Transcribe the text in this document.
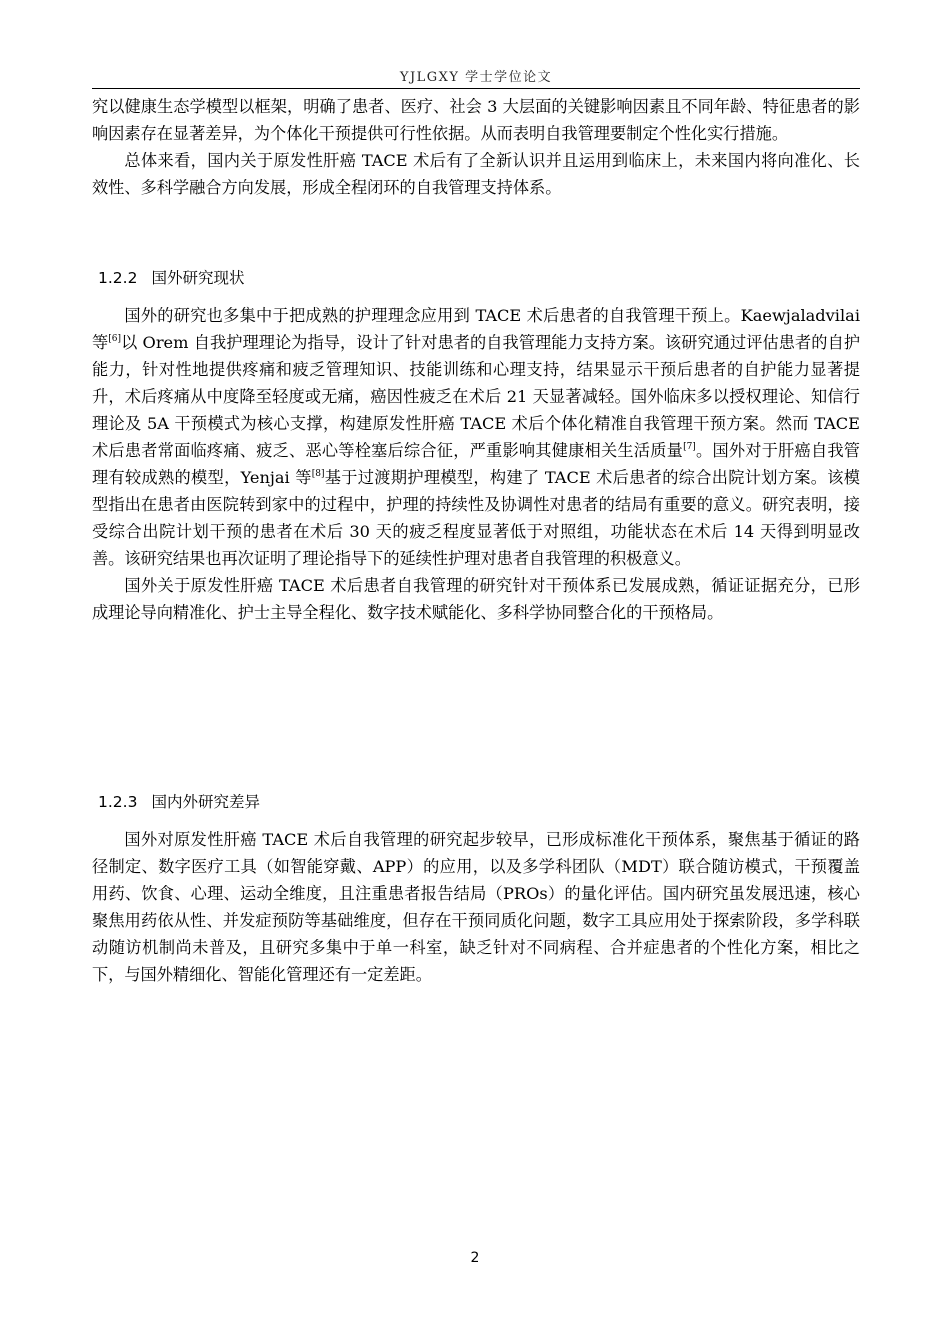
YJLGXY 学士学位论文

究以健康生态学模型以框架，明确了患者、医疗、社会 3 大层面的关键影响因素且不同年龄、特征患者的影响因素存在显著差异，为个体化干预提供可行性依据。从而表明自我管理要制定个性化实行措施。

总体来看，国内关于原发性肝癌 TACE 术后有了全新认识并且运用到临床上，未来国内将向准化、长效性、多科学融合方向发展，形成全程闭环的自我管理支持体系。

1.2.2 国外研究现状

国外的研究也多集中于把成熟的护理理念应用到 TACE 术后患者的自我管理干预上。Kaewjaladvilai 等[6]以 Orem 自我护理理论为指导，设计了针对患者的自我管理能力支持方案。该研究通过评估患者的自护能力，针对性地提供疼痛和疲乏管理知识、技能训练和心理支持，结果显示干预后患者的自护能力显著提升，术后疼痛从中度降至轻度或无痛，癌因性疲乏在术后 21 天显著减轻。国外临床多以授权理论、知信行理论及 5A 干预模式为核心支撑，构建原发性肝癌 TACE 术后个体化精准自我管理干预方案。然而 TACE 术后患者常面临疼痛、疲乏、恶心等栓塞后综合征，严重影响其健康相关生活质量[7]。国外对于肝癌自我管理有较成熟的模型，Yenjai 等[8]基于过渡期护理模型，构建了 TACE 术后患者的综合出院计划方案。该模型指出在患者由医院转到家中的过程中，护理的持续性及协调性对患者的结局有重要的意义。研究表明，接受综合出院计划干预的患者在术后 30 天的疲乏程度显著低于对照组，功能状态在术后 14 天得到明显改善。该研究结果也再次证明了理论指导下的延续性护理对患者自我管理的积极意义。

国外关于原发性肝癌 TACE 术后患者自我管理的研究针对干预体系已发展成熟，循证证据充分，已形成理论导向精准化、护士主导全程化、数字技术赋能化、多科学协同整合化的干预格局。

1.2.3 国内外研究差异

国外对原发性肝癌 TACE 术后自我管理的研究起步较早，已形成标准化干预体系，聚焦基于循证的路径制定、数字医疗工具（如智能穿戴、APP）的应用，以及多学科团队（MDT）联合随访模式，干预覆盖用药、饮食、心理、运动全维度，且注重患者报告结局（PROs）的量化评估。国内研究虽发展迅速，核心聚焦用药依从性、并发症预防等基础维度，但存在干预同质化问题，数字工具应用处于探索阶段，多学科联动随访机制尚未普及，且研究多集中于单一科室，缺乏针对不同病程、合并症患者的个性化方案，相比之下，与国外精细化、智能化管理还有一定差距。

2
